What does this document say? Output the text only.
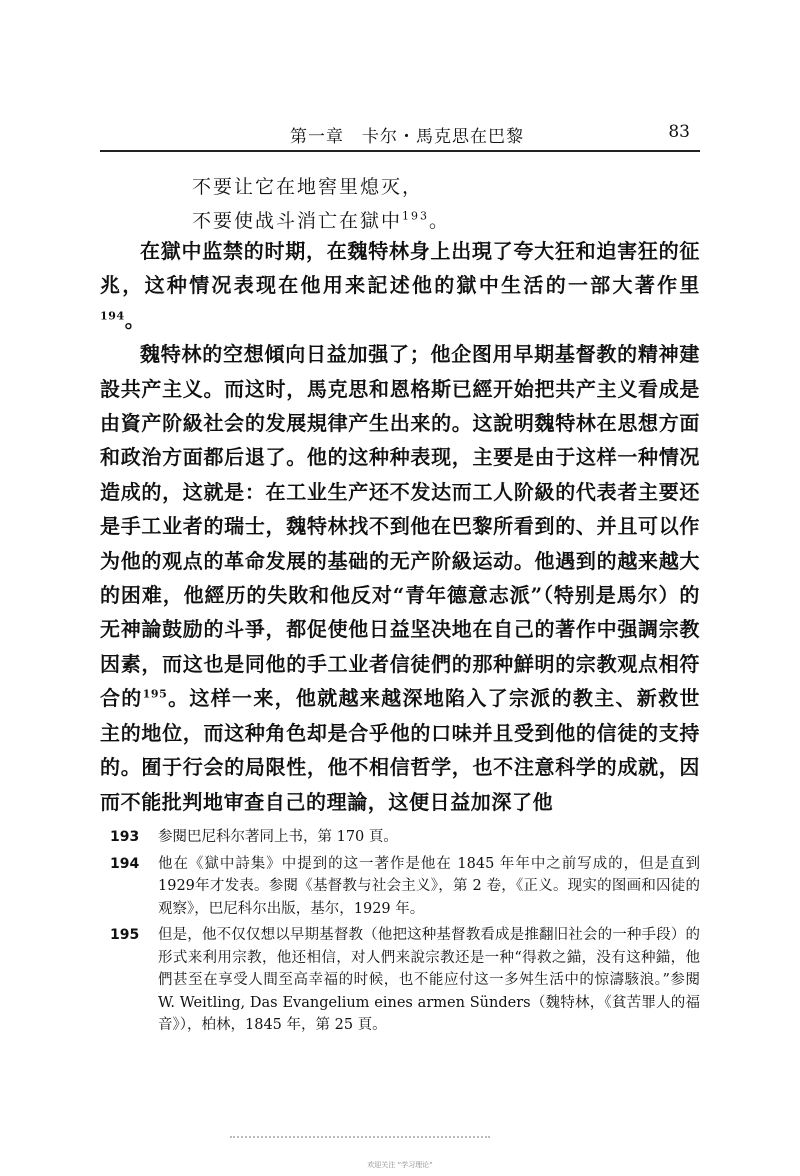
第一章　卡尔・馬克思在巴黎	83
不要让它在地窖里熄灭，
不要使战斗消亡在獄中$^{193}$。

在獄中监禁的时期，在魏特林身上出現了夸大狂和迫害狂的征兆，这种情况表现在他用来記述他的獄中生活的一部大著作里$^{194}$。

魏特林的空想傾向日益加强了；他企图用早期基督教的精神建設共产主义。而这时，馬克思和恩格斯已經开始把共产主义看成是由資产阶級社会的发展規律产生出来的。这說明魏特林在思想方面和政治方面都后退了。他的这种种表现，主要是由于这样一种情况造成的，这就是：在工业生产还不发达而工人阶級的代表者主要还是手工业者的瑞士，魏特林找不到他在巴黎所看到的、并且可以作为他的观点的革命发展的基础的无产阶級运动。他遇到的越来越大的困难，他經历的失敗和他反对“青年德意志派”（特别是馬尔）的无神論鼓励的斗爭，都促使他日益坚决地在自己的著作中强調宗教因素，而这也是同他的手工业者信徒們的那种鮮明的宗教观点相符合的$^{195}$。这样一来，他就越来越深地陷入了宗派的教主、新救世主的地位，而这种角色却是合乎他的口味并且受到他的信徒的支持的。囿于行会的局限性，他不相信哲学，也不注意科学的成就，因而不能批判地审查自己的理論，这便日益加深了他

193 参閱巴尼科尔著同上书，第 170 頁。
194 他在《獄中詩集》中提到的这一著作是他在 1845 年年中之前写成的，但是直到 1929年才发表。参閱《基督教与社会主义》，第 2 卷，《正义。现实的图画和囚徒的观察》，巴尼科尔出版，基尔，1929 年。
195 但是，他不仅仅想以早期基督教（他把这种基督教看成是推翻旧社会的一种手段）的形式来利用宗教，他还相信，对人們来說宗教还是一种“得救之錨，没有这种錨，他們甚至在享受人間至高幸福的时候，也不能应付这一多舛生活中的惊濤駭浪。”参閱 W. Weitling, Das Evangelium eines armen Sünders（魏特林，《貧苦罪人的福音》），柏林，1845 年，第 25 頁。
欢迎关注 “学习理论”
